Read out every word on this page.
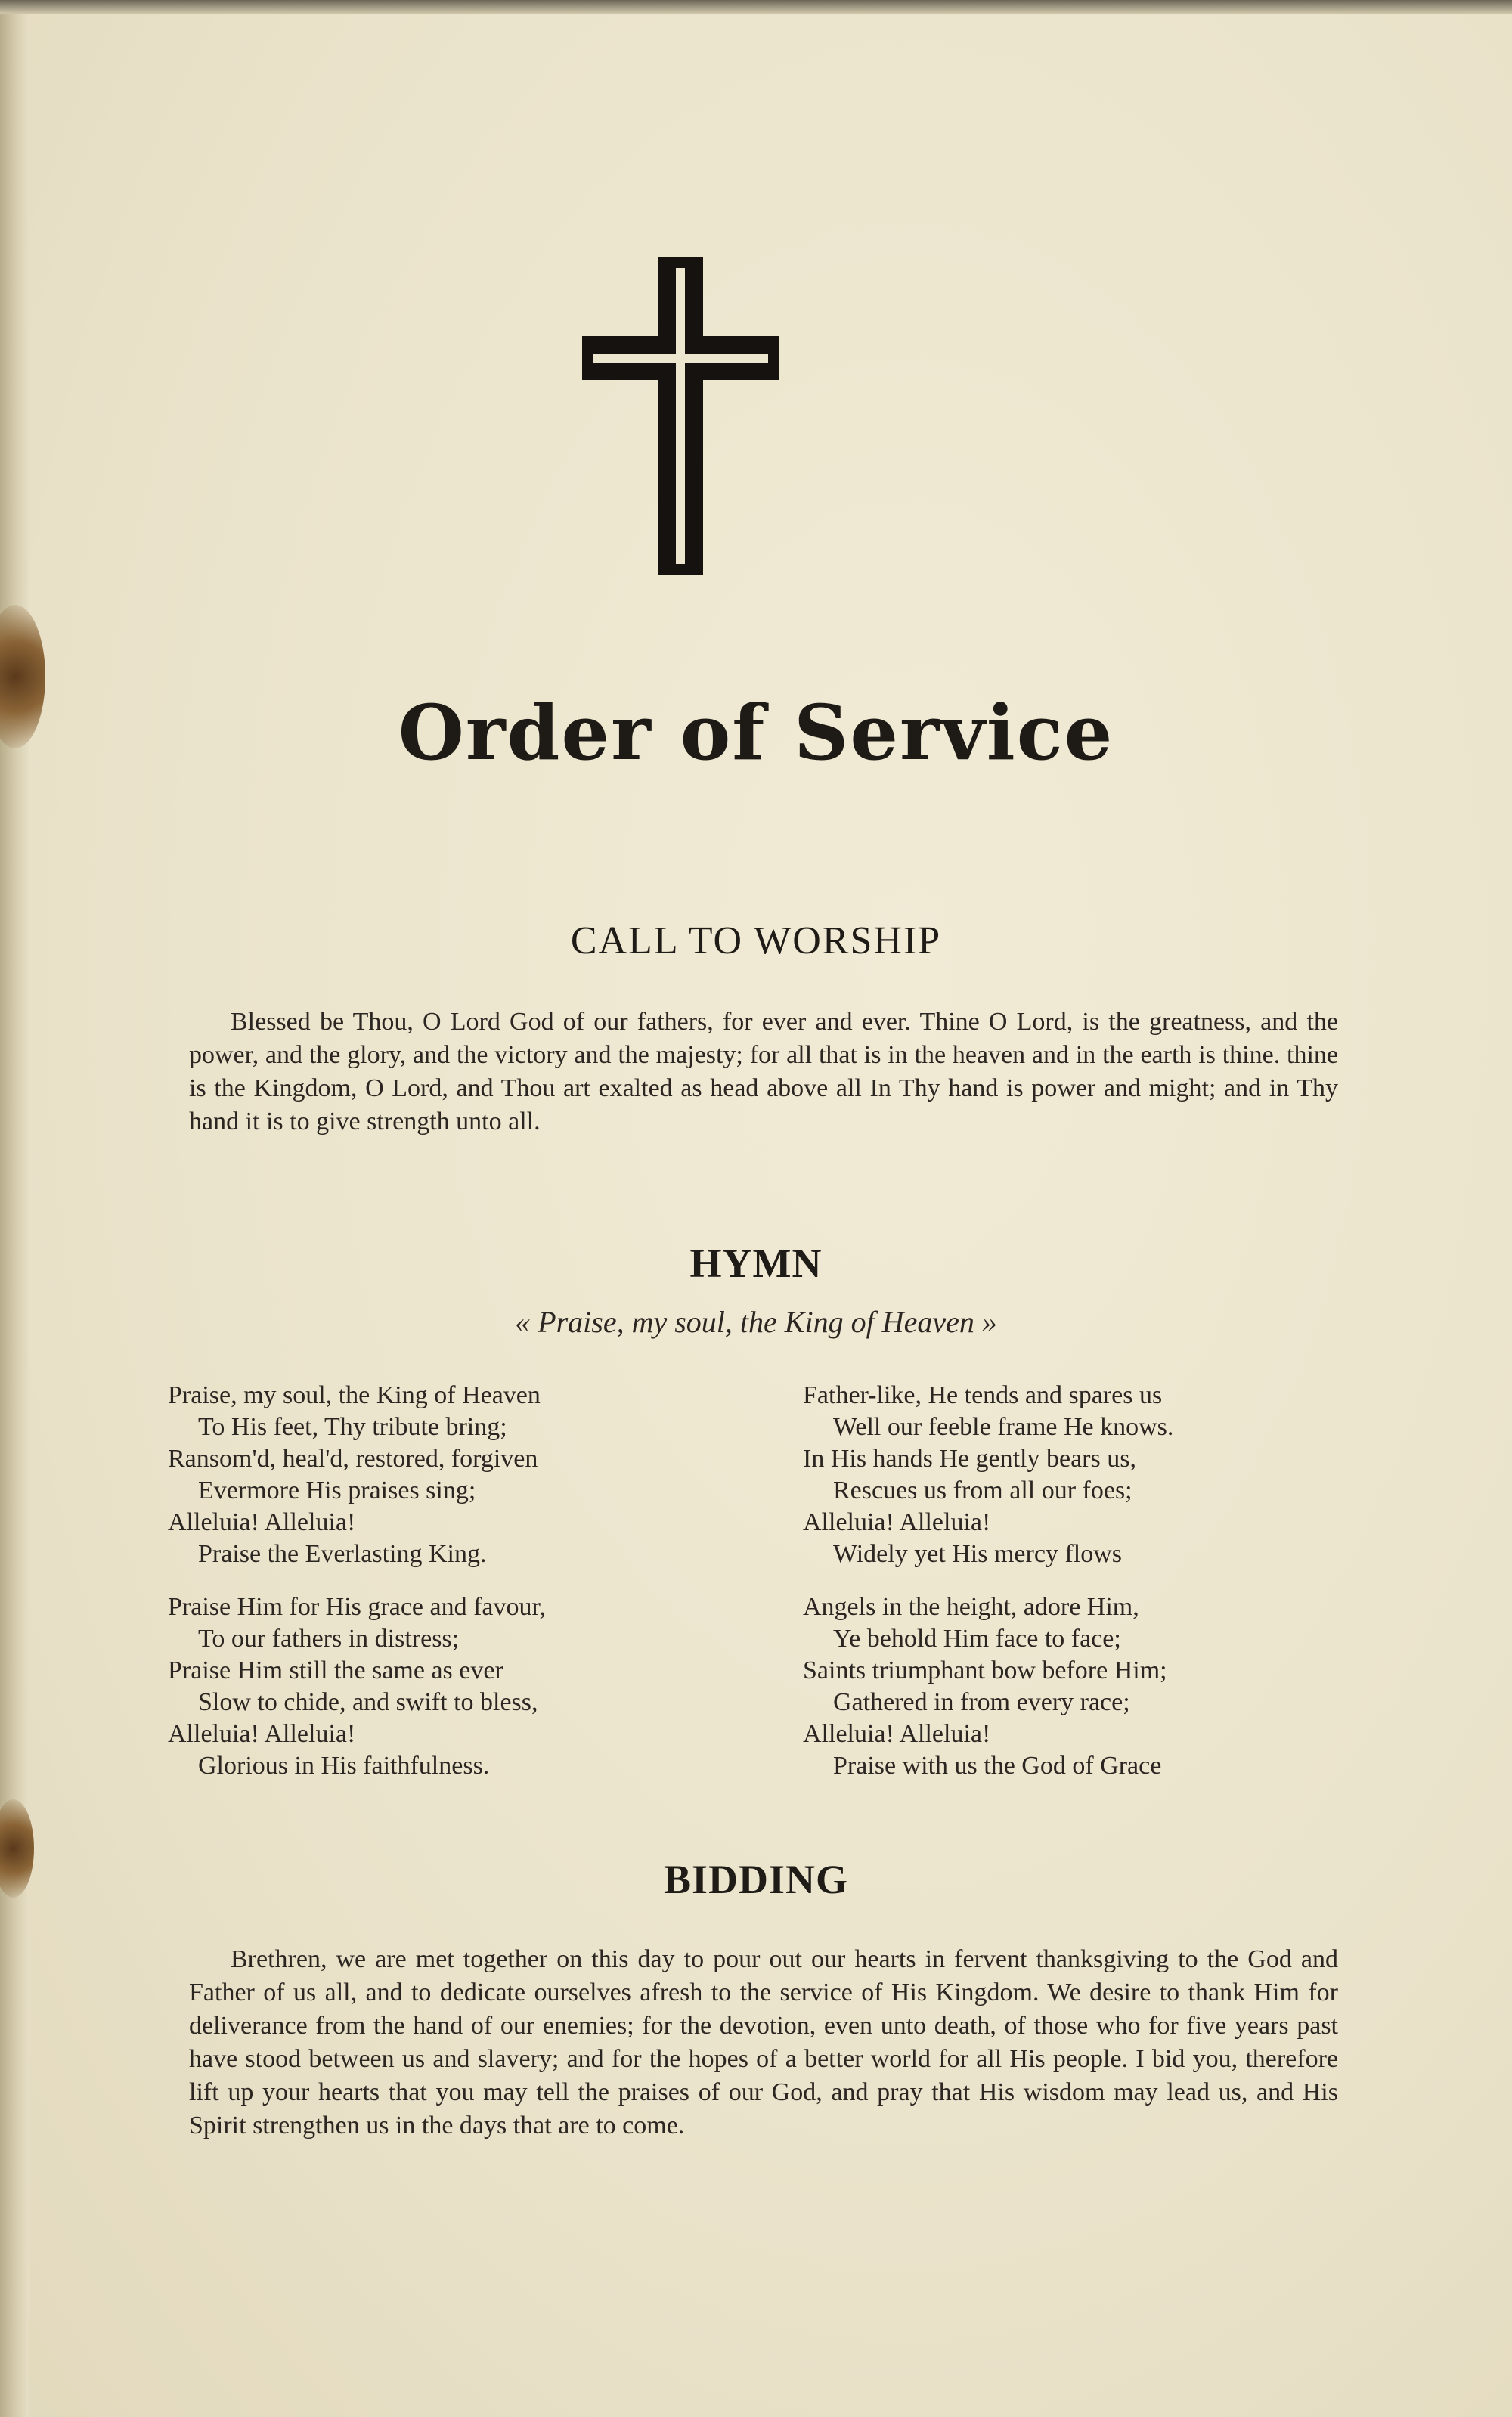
Order of Service
CALL TO WORSHIP
Blessed be Thou, O Lord God of our fathers, for ever and ever. Thine O Lord, is the greatness, and the power, and the glory, and the victory and the majesty; for all that is in the heaven and in the earth is thine. thine is the Kingdom, O Lord, and Thou art exalted as head above all In Thy hand is power and might; and in Thy hand it is to give strength unto all.
HYMN
« Praise, my soul, the King of Heaven »
Praise, my soul, the King of Heaven
To His feet, Thy tribute bring;
Ransom'd, heal'd, restored, forgiven
Evermore His praises sing;
Alleluia! Alleluia!
Praise the Everlasting King.
Praise Him for His grace and favour,
To our fathers in distress;
Praise Him still the same as ever
Slow to chide, and swift to bless,
Alleluia! Alleluia!
Glorious in His faithfulness.
Father-like, He tends and spares us
Well our feeble frame He knows.
In His hands He gently bears us,
Rescues us from all our foes;
Alleluia! Alleluia!
Widely yet His mercy flows
Angels in the height, adore Him,
Ye behold Him face to face;
Saints triumphant bow before Him;
Gathered in from every race;
Alleluia! Alleluia!
Praise with us the God of Grace
BIDDING
Brethren, we are met together on this day to pour out our hearts in fervent thanksgiving to the God and Father of us all, and to dedicate ourselves afresh to the service of His Kingdom. We desire to thank Him for deliverance from the hand of our enemies; for the devotion, even unto death, of those who for five years past have stood between us and slavery; and for the hopes of a better world for all His people. I bid you, therefore lift up your hearts that you may tell the praises of our God, and pray that His wisdom may lead us, and His Spirit strengthen us in the days that are to come.
